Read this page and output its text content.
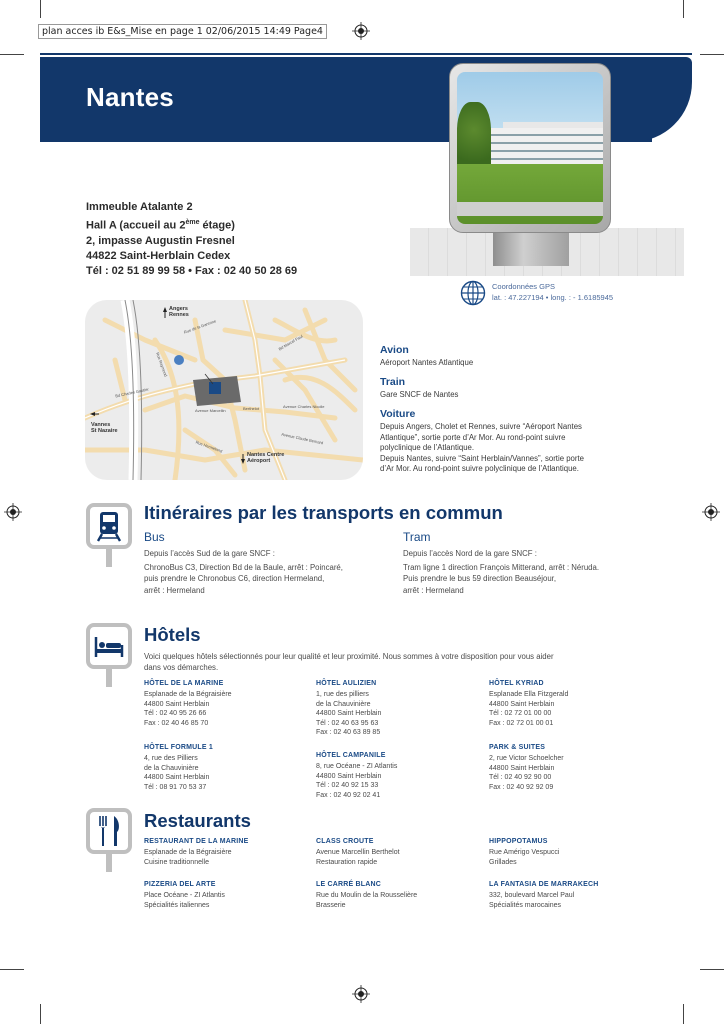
plan acces ib E&s_Mise en page 1 02/06/2015 14:49 Page4
Nantes
Immeuble Atalante 2
Hall A (accueil au 2ème étage)
2, impasse Augustin Fresnel
44822 Saint-Herblain Cedex
Tél : 02 51 89 99 58 • Fax : 02 40 50 28 69
Coordonnées GPS
lat. : 47.227194 • long. : - 1.6185945
Angers
Rennes
Vannes
St Nazaire
Nantes Centre
Aéroport
Rue de la Garenne
Bd Charles Gautier
Bd Marcel Paul
Avenue Marcellin	Berthelot	Avenue Charles Nicolle
Avenue Claude Bernard
Rue Hermeland
Rue Raymond
Avion
Aéroport Nantes Atlantique
Train
Gare SNCF de Nantes
Voiture
Depuis Angers, Cholet et Rennes, suivre “Aéroport Nantes
Atlantique”, sortie porte d’Ar Mor. Au rond-point suivre
polyclinique de l’Atlantique.
Depuis Nantes, suivre “Saint Herblain/Vannes”, sortie porte
d’Ar Mor. Au rond-point suivre polyclinique de l’Atlantique.
Itinéraires par les transports en commun
Bus
Depuis l’accès Sud de la gare SNCF :
ChronoBus C3, Direction Bd de la Baule, arrêt : Poincaré,
puis prendre le Chronobus C6, direction Hermeland,
arrêt : Hermeland
Tram
Depuis l’accès Nord de la gare SNCF :
Tram ligne 1 direction François Mitterand, arrêt : Néruda.
Puis prendre le bus 59 direction Beauséjour,
arrêt : Hermeland
Hôtels
Voici quelques hôtels sélectionnés pour leur qualité et leur proximité. Nous sommes à votre disposition pour vous aider
dans vos démarches.
HÔTEL DE LA MARINE
Esplanade de la Bégraisière
44800 Saint Herblain
Tél : 02 40 95 26 66
Fax : 02 40 46 85 70
HÔTEL AULIZIEN
1, rue des pilliers
de la Chauvinière
44800 Saint Herblain
Tél : 02 40 63 95 63
Fax : 02 40 63 89 85
HÔTEL KYRIAD
Esplanade Ella Fitzgerald
44800 Saint Herblain
Tél : 02 72 01 00 00
Fax : 02 72 01 00 01
HÔTEL FORMULE 1
4, rue des Pilliers
de la Chauvinière
44800 Saint Herblain
Tél : 08 91 70 53 37
HÔTEL CAMPANILE
8, rue Océane - ZI Atlantis
44800 Saint Herblain
Tél : 02 40 92 15 33
Fax : 02 40 92 02 41
PARK & SUITES
2, rue Victor Schoelcher
44800 Saint Herblain
Tél : 02 40 92 90 00
Fax : 02 40 92 92 09
Restaurants
RESTAURANT DE LA MARINE
Esplanade de la Bégraisière
Cuisine traditionnelle
CLASS CROUTE
Avenue Marcellin Berthelot
Restauration rapide
HIPPOPOTAMUS
Rue Amérigo Vespucci
Grillades
PIZZERIA DEL ARTE
Place Océane - ZI Atlantis
Spécialités italiennes
LE CARRÉ BLANC
Rue du Moulin de la Rousselière
Brasserie
LA FANTASIA DE MARRAKECH
332, boulevard Marcel Paul
Spécialités marocaines
